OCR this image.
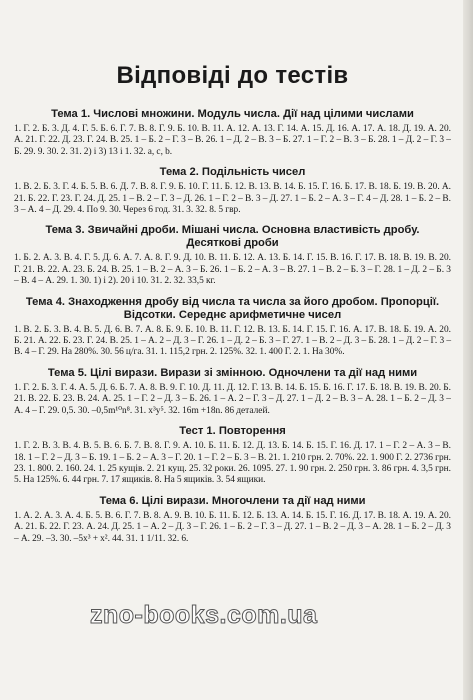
Відповіді до тестів
Тема 1. Числові множини. Модуль числа. Дії над цілими числами

1. Г. 2. Б. 3. Д. 4. Г. 5. Б. 6. Г. 7. В. 8. Г. 9. Б. 10. В. 11. А. 12. А. 13. Г. 14. А. 15. Д. 16. А. 17. А. 18. Д. 19. А. 20. А. 21. Г. 22. Д. 23. Г. 24. В. 25. 1 – Б. 2 – Г. 3 – В. 26. 1 – Д. 2 – В. 3 – Б. 27. 1 – Г. 2 – В. 3 – Б. 28. 1 – Д. 2 – Г. 3 – Б. 29. 9. 30. 2. 31. 2) і 3) 13 і 1. 32. а, с, b.

Тема 2. Подільність чисел

1. В. 2. Б. 3. Г. 4. Б. 5. В. 6. Д. 7. В. 8. Г. 9. Б. 10. Г. 11. Б. 12. В. 13. В. 14. Б. 15. Г. 16. Б. 17. В. 18. Б. 19. В. 20. А. 21. Б. 22. Г. 23. Г. 24. Д. 25. 1 – В. 2 – Г. 3 – Д. 26. 1 – Г. 2 – В. 3 – Д. 27. 1 – Б. 2 – А. 3 – Г. 4 – Д. 28. 1 – Б. 2 – В. 3 – А. 4 – Д. 29. 4. По 9. 30. Через 6 год. 31. 3. 32. 8. 5 гвр.

Тема 3. Звичайні дроби. Мішані числа. Основна властивість дробу.
Десяткові дроби

1. Б. 2. А. 3. В. 4. Г. 5. Д. 6. А. 7. А. 8. Г. 9. Д. 10. В. 11. Б. 12. А. 13. Б. 14. Г. 15. В. 16. Г. 17. В. 18. В. 19. В. 20. Г. 21. В. 22. А. 23. Б. 24. В. 25. 1 – В. 2 – А. 3 – Б. 26. 1 – Б. 2 – А. 3 – В. 27. 1 – В. 2 – Б. 3 – Г. 28. 1 – Д. 2 – Б. 3 – В. 4 – А. 29. 1. 30. 1) і 2). 20 і 10. 31. 2. 32. 33,5 кг.

Тема 4. Знаходження дробу від числа та числа за його дробом. Пропорції.
Відсотки. Середнє арифметичне чисел

1. В. 2. Б. 3. В. 4. В. 5. Д. 6. В. 7. А. 8. Б. 9. Б. 10. В. 11. Г. 12. В. 13. Б. 14. Г. 15. Г. 16. А. 17. В. 18. Б. 19. А. 20. Б. 21. А. 22. Б. 23. Г. 24. В. 25. 1 – А. 2 – Д. 3 – Г. 26. 1 – Д. 2 – Б. 3 – Г. 27. 1 – В. 2 – Д. 3 – Б. 28. 1 – Д. 2 – Г. 3 – В. 4 – Г. 29. На 280%. 30. 56 ц/га. 31. 1. 115,2 грн. 2. 125%. 32. 1. 400 Г. 2. 1. На 30%.

Тема 5. Цілі вирази. Вирази зі змінною. Одночлени та дії над ними

1. Г. 2. Б. 3. Г. 4. А. 5. Д. 6. Б. 7. А. 8. В. 9. Г. 10. Д. 11. Д. 12. Г. 13. В. 14. Б. 15. Б. 16. Г. 17. Б. 18. В. 19. В. 20. Б. 21. В. 22. Б. 23. В. 24. А. 25. 1 – Г. 2 – Д. 3 – Б. 26. 1 – А. 2 – Г. 3 – Д. 27. 1 – Д. 2 – В. 3 – А. 28. 1 – Б. 2 – Д. 3 – А. 4 – Г. 29. 0,5. 30. –0,5m¹⁰n⁸. 31. x³y⁵. 32. 16m +18n. 86 деталей.

Тест 1. Повторення

1. Г. 2. В. 3. В. 4. В. 5. В. 6. Б. 7. В. 8. Г. 9. А. 10. Б. 11. Б. 12. Д. 13. Б. 14. Б. 15. Г. 16. Д. 17. 1 – Г. 2 – А. 3 – В. 18. 1 – Г. 2 – Д. 3 – Б. 19. 1 – Б. 2 – А. 3 – Г. 20. 1 – Г. 2 – Б. 3 – В. 21. 1. 210 грн. 2. 70%. 22. 1. 900 Г. 2. 2736 грн. 23. 1. 800. 2. 160. 24. 1. 25 кущів. 2. 21 кущ. 25. 32 роки. 26. 1095. 27. 1. 90 грн. 2. 250 грн. 3. 86 грн. 4. 3,5 грн. 5. На 125%. 6. 44 грн. 7. 17 ящиків. 8. На 5 ящиків. 3. 54 ящики.

Тема 6. Цілі вирази. Многочлени та дії над ними

1. А. 2. А. 3. А. 4. Б. 5. В. 6. Г. 7. В. 8. А. 9. В. 10. Б. 11. Б. 12. Б. 13. А. 14. Б. 15. Г. 16. Д. 17. В. 18. А. 19. А. 20. А. 21. Б. 22. Г. 23. А. 24. Д. 25. 1 – А. 2 – Д. 3 – Г. 26. 1 – Б. 2 – Г. 3 – Д. 27. 1 – В. 2 – Д. 3 – А. 28. 1 – Б. 2 – Д. 3 – А. 29. –3. 30. –5x³ + x². 44. 31. 1 1/11. 32. 6.

zno-books.com.ua
